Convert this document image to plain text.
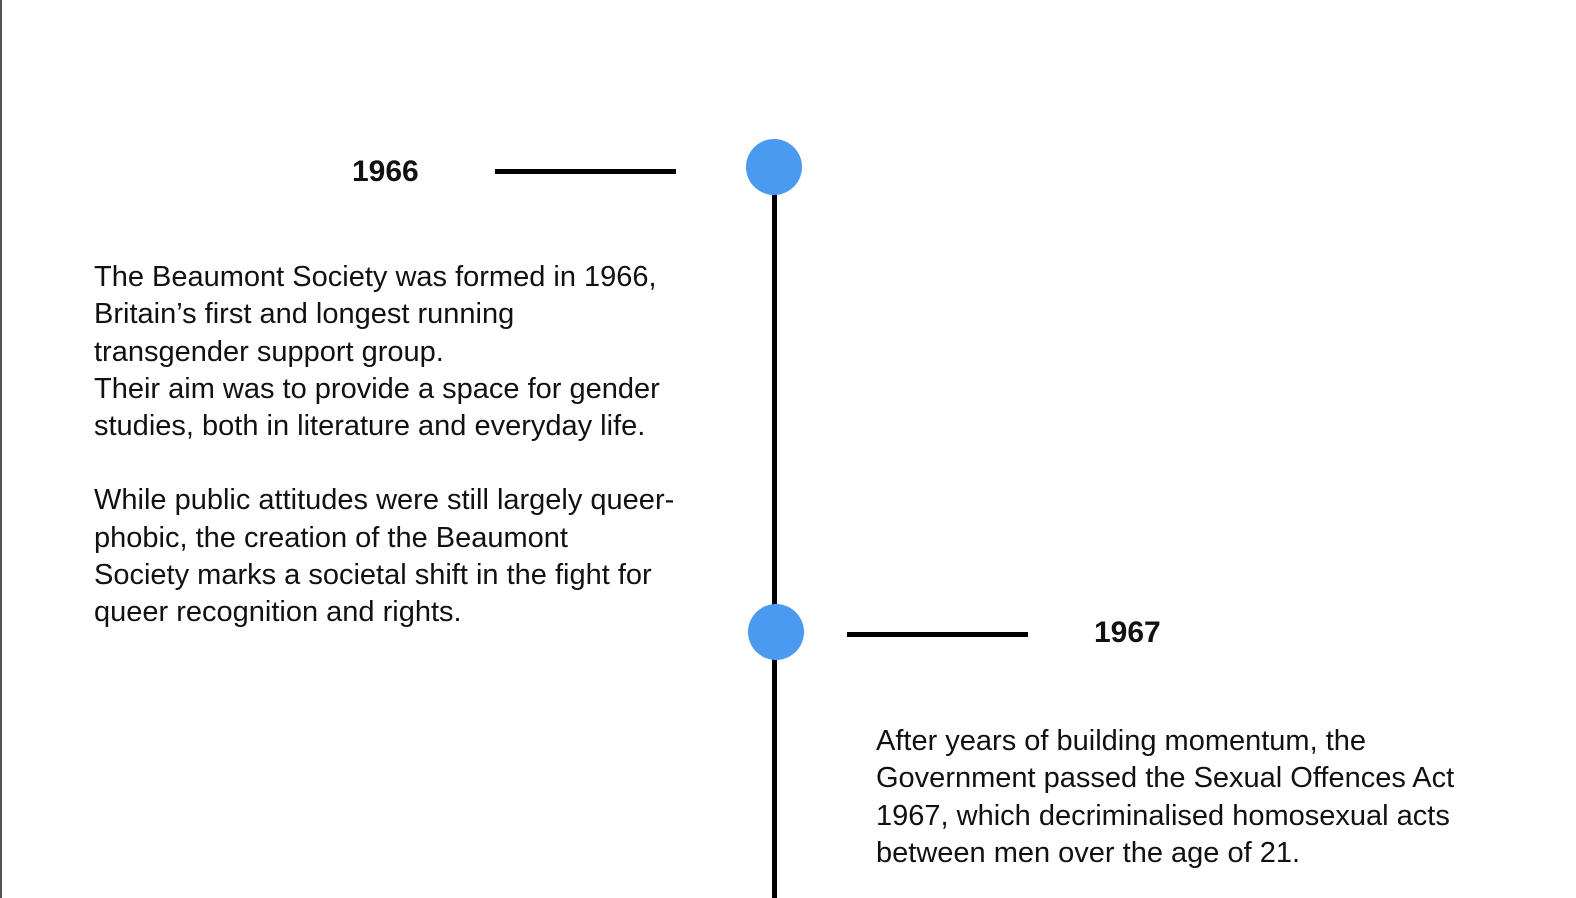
1966
The Beaumont Society was formed in 1966,
Britain’s first and longest running
transgender support group.
Their aim was to provide a space for gender
studies, both in literature and everyday life.
While public attitudes were still largely queer-
phobic, the creation of the Beaumont
Society marks a societal shift in the fight for
queer recognition and rights.
1967
After years of building momentum, the
Government passed the Sexual Offences Act
1967, which decriminalised homosexual acts
between men over the age of 21.
